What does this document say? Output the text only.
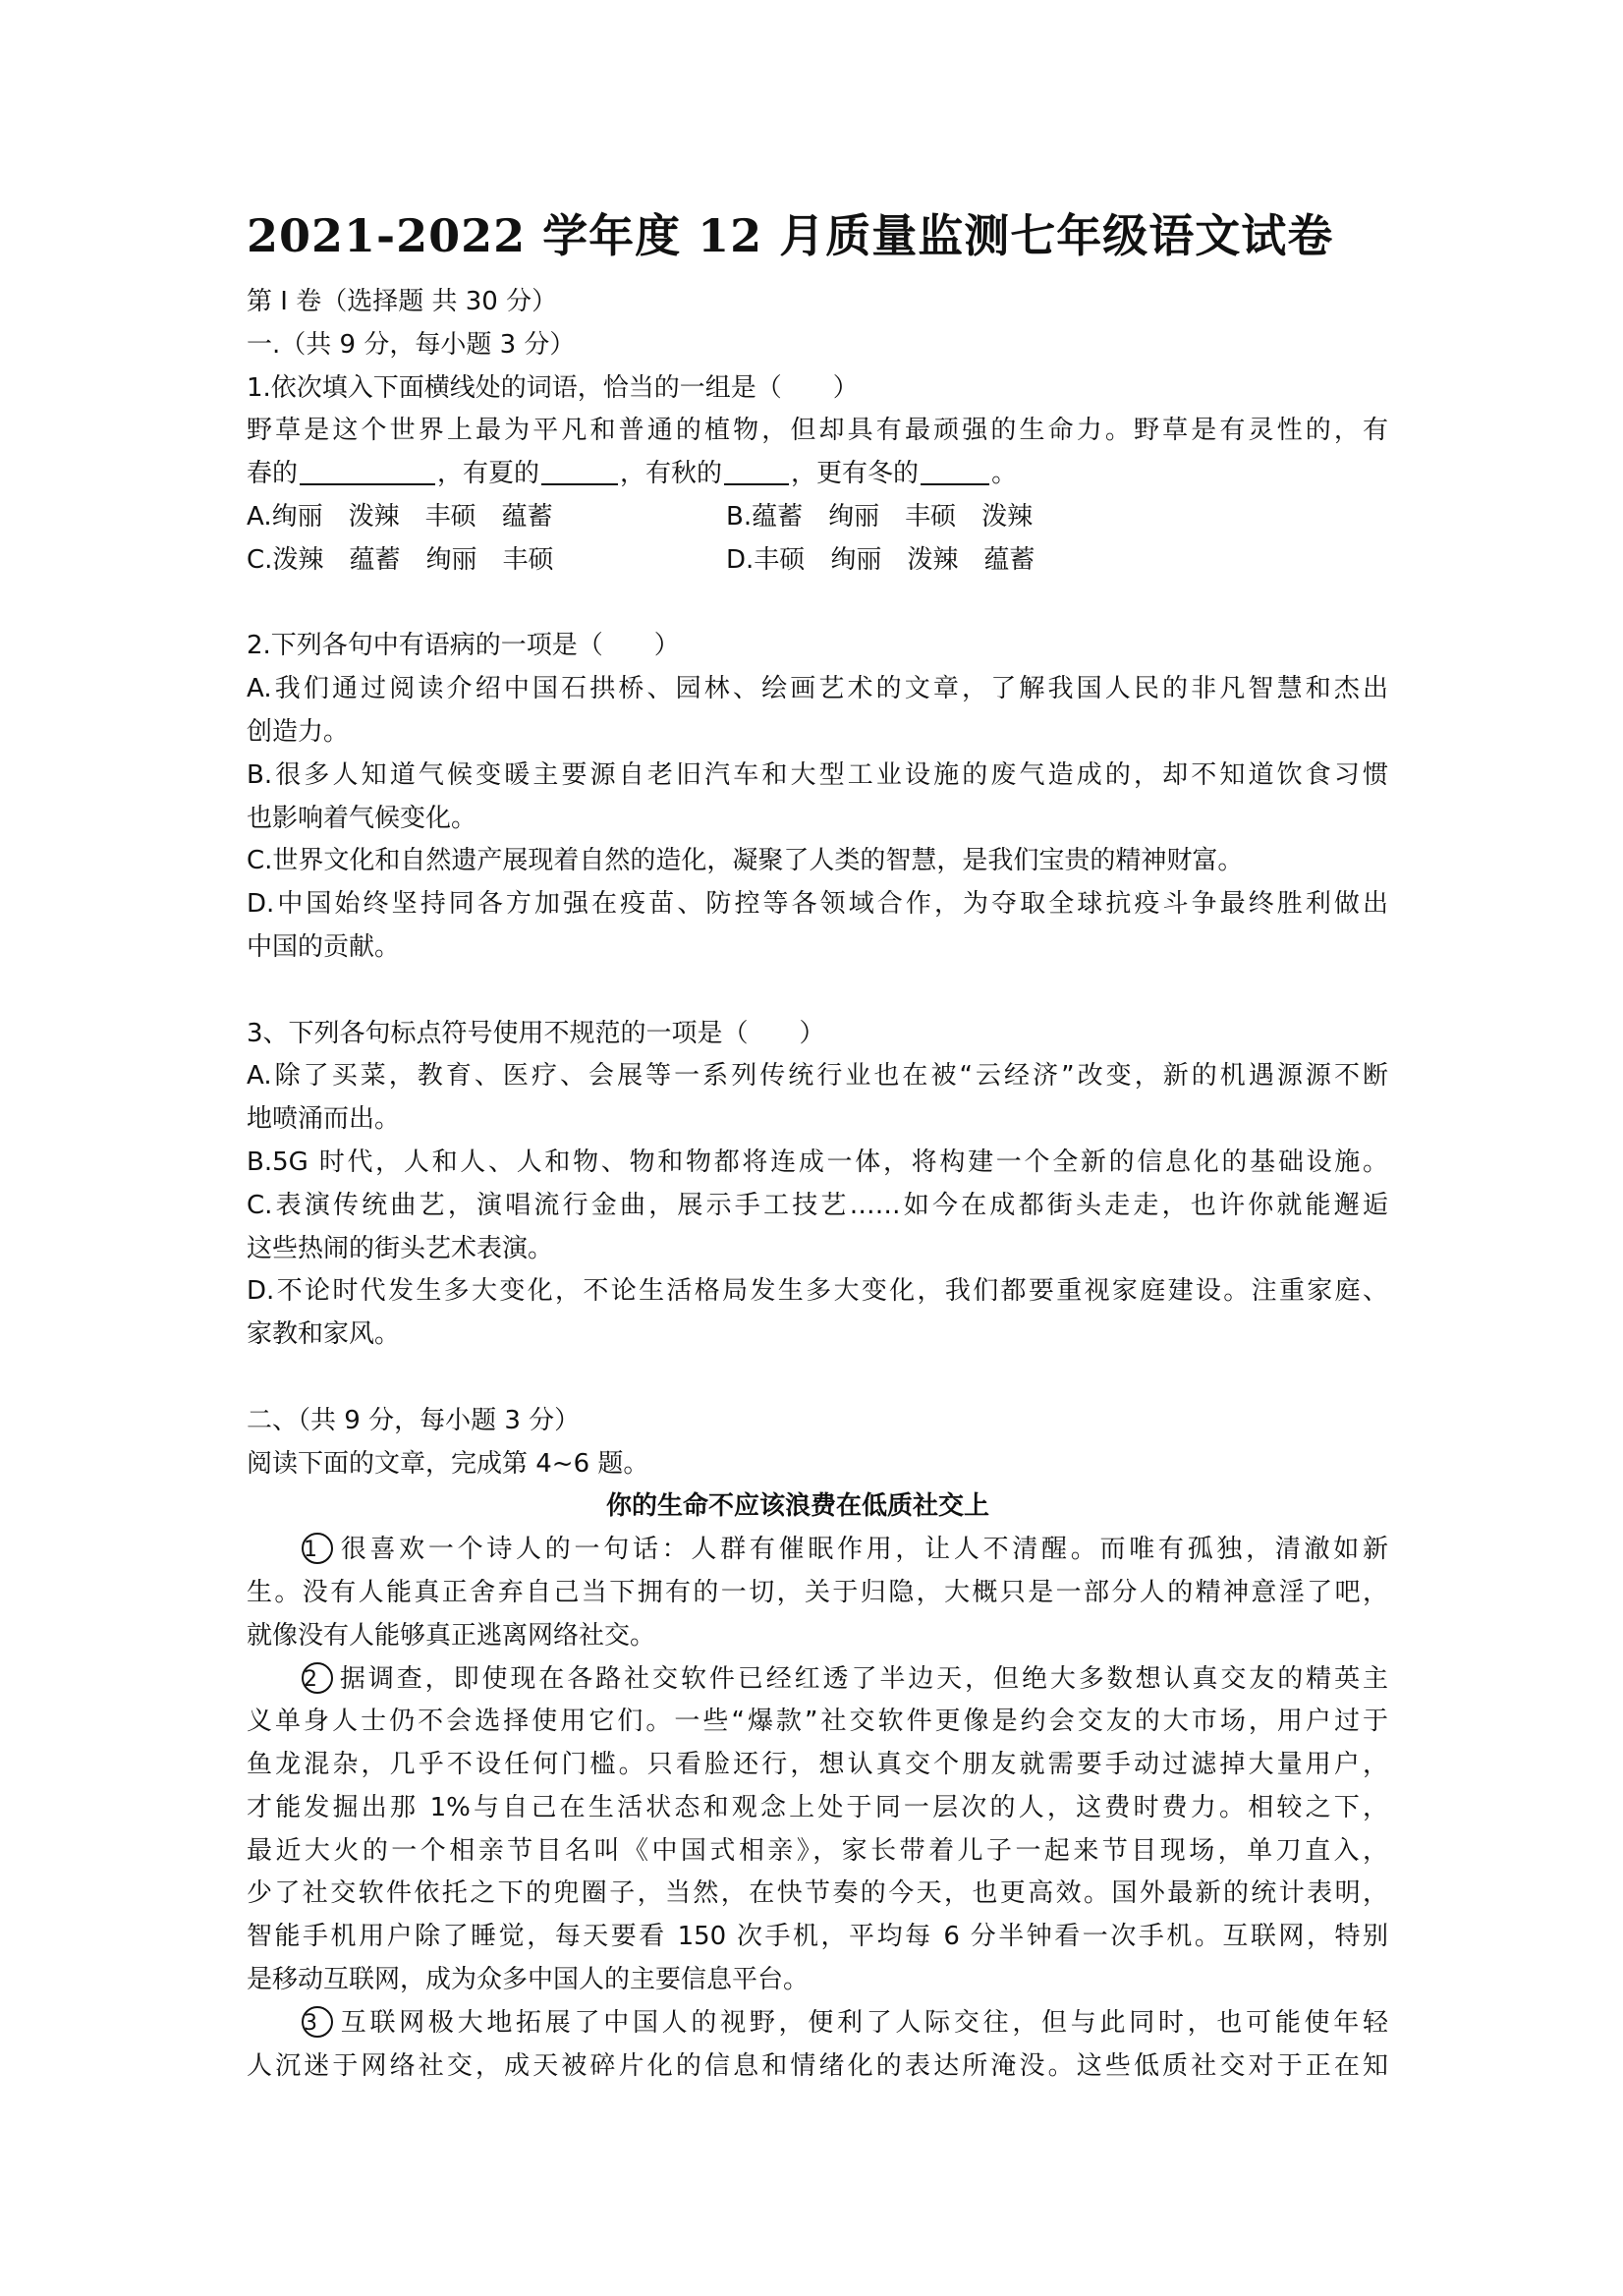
2021-2022 学年度 12 月质量监测七年级语文试卷
第 I 卷（选择题 共 30 分）
一.（共 9 分，每小题 3 分）
1.依次填入下面横线处的词语，恰当的一组是（　　）
野草是这个世界上最为平凡和普通的植物，但却具有最顽强的生命力。野草是有灵性的，有
春的	，有夏的	，有秋的	，更有冬的	。
A.绚丽 泼辣 丰硕 蕴蓄	B.蕴蓄 绚丽 丰硕 泼辣
C.泼辣 蕴蓄 绚丽 丰硕	D.丰硕 绚丽 泼辣 蕴蓄
2.下列各句中有语病的一项是（　　）
A.我们通过阅读介绍中国石拱桥、园林、绘画艺术的文章，了解我国人民的非凡智慧和杰出
创造力。
B.很多人知道气候变暖主要源自老旧汽车和大型工业设施的废气造成的，却不知道饮食习惯
也影响着气候变化。
C.世界文化和自然遗产展现着自然的造化，凝聚了人类的智慧，是我们宝贵的精神财富。
D.中国始终坚持同各方加强在疫苗、防控等各领域合作，为夺取全球抗疫斗争最终胜利做出
中国的贡献。
3、下列各句标点符号使用不规范的一项是（　　）
A.除了买菜，教育、医疗、会展等一系列传统行业也在被“云经济”改变，新的机遇源源不断
地喷涌而出。
B.5G 时代，人和人、人和物、物和物都将连成一体，将构建一个全新的信息化的基础设施。
C.表演传统曲艺，演唱流行金曲，展示手工技艺……如今在成都街头走走，也许你就能邂逅
这些热闹的街头艺术表演。
D.不论时代发生多大变化，不论生活格局发生多大变化，我们都要重视家庭建设。注重家庭、
家教和家风。
二、（共 9 分，每小题 3 分）
阅读下面的文章，完成第 4~6 题。
你的生命不应该浪费在低质社交上
1 很喜欢一个诗人的一句话：人群有催眠作用，让人不清醒。而唯有孤独，清澈如新
生。没有人能真正舍弃自己当下拥有的一切，关于归隐，大概只是一部分人的精神意淫了吧，
就像没有人能够真正逃离网络社交。
2 据调查，即使现在各路社交软件已经红透了半边天，但绝大多数想认真交友的精英主
义单身人士仍不会选择使用它们。一些“爆款”社交软件更像是约会交友的大市场，用户过于
鱼龙混杂，几乎不设任何门槛。只看脸还行，想认真交个朋友就需要手动过滤掉大量用户，
才能发掘出那 1%与自己在生活状态和观念上处于同一层次的人，这费时费力。相较之下，
最近大火的一个相亲节目名叫《中国式相亲》，家长带着儿子一起来节目现场，单刀直入，
少了社交软件依托之下的兜圈子，当然，在快节奏的今天，也更高效。国外最新的统计表明，
智能手机用户除了睡觉，每天要看 150 次手机，平均每 6 分半钟看一次手机。互联网，特别
是移动互联网，成为众多中国人的主要信息平台。
3 互联网极大地拓展了中国人的视野，便利了人际交往，但与此同时，也可能使年轻
人沉迷于网络社交，成天被碎片化的信息和情绪化的表达所淹没。这些低质社交对于正在知
